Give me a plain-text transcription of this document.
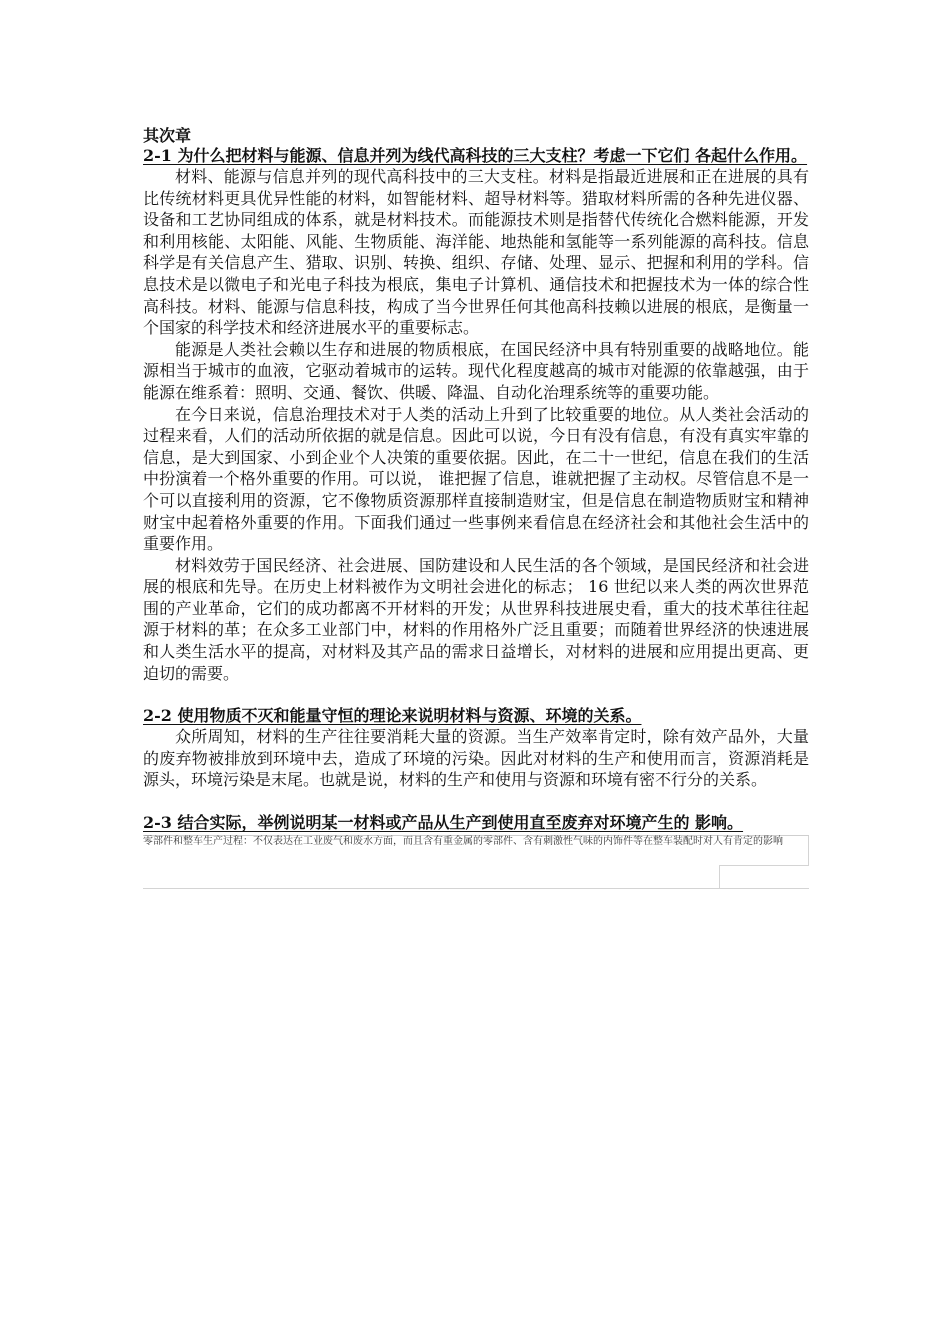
其次章

2-1 为什么把材料与能源、信息并列为线代高科技的三大支柱？考虑一下它们 各起什么作用。

材料、能源与信息并列的现代高科技中的三大支柱。材料是指最近进展和正在进展的具有比传统材料更具优异性能的材料，如智能材料、超导材料等。猎取材料所需的各种先进仪器、设备和工艺协同组成的体系，就是材料技术。而能源技术则是指替代传统化合燃料能源，开发和利用核能、太阳能、风能、生物质能、海洋能、地热能和氢能等一系列能源的高科技。信息科学是有关信息产生、猎取、识别、转换、组织、存储、处理、显示、把握和利用的学科。信息技术是以微电子和光电子科技为根底，集电子计算机、通信技术和把握技术为一体的综合性高科技。材料、能源与信息科技，构成了当今世界任何其他高科技赖以进展的根底，是衡量一个国家的科学技术和经济进展水平的重要标志。

能源是人类社会赖以生存和进展的物质根底，在国民经济中具有特别重要的战略地位。能源相当于城市的血液，它驱动着城市的运转。现代化程度越高的城市对能源的依靠越强，由于能源在维系着：照明、交通、餐饮、供暖、降温、自动化治理系统等的重要功能。

在今日来说，信息治理技术对于人类的活动上升到了比较重要的地位。从人类社会活动的过程来看，人们的活动所依据的就是信息。因此可以说，今日有没有信息，有没有真实牢靠的信息，是大到国家、小到企业个人决策的重要依据。因此，在二十一世纪，信息在我们的生活中扮演着一个格外重要的作用。可以说， 谁把握了信息，谁就把握了主动权。尽管信息不是一个可以直接利用的资源，它不像物质资源那样直接制造财宝，但是信息在制造物质财宝和精神财宝中起着格外重要的作用。下面我们通过一些事例来看信息在经济社会和其他社会生活中的重要作用。

材料效劳于国民经济、社会进展、国防建设和人民生活的各个领域，是国民经济和社会进展的根底和先导。在历史上材料被作为文明社会进化的标志； 16 世纪以来人类的两次世界范围的产业革命，它们的成功都离不开材料的开发；从世界科技进展史看，重大的技术革往往起源于材料的革；在众多工业部门中，材料的作用格外广泛且重要；而随着世界经济的快速进展和人类生活水平的提高，对材料及其产品的需求日益增长，对材料的进展和应用提出更高、更迫切的需要。

2-2 使用物质不灭和能量守恒的理论来说明材料与资源、环境的关系。

众所周知，材料的生产往往要消耗大量的资源。当生产效率肯定时，除有效产品外，大量的废弃物被排放到环境中去，造成了环境的污染。因此对材料的生产和使用而言，资源消耗是源头，环境污染是末尾。也就是说，材料的生产和使用与资源和环境有密不行分的关系。

2-3 结合实际，举例说明某一材料或产品从生产到使用直至废弃对环境产生的 影响。

零部件和整车生产过程：不仅表达在工业废气和废水方面，而且含有重金属的零部件、含有刺激性气味的内饰件等在整车装配时对人有肯定的影响
